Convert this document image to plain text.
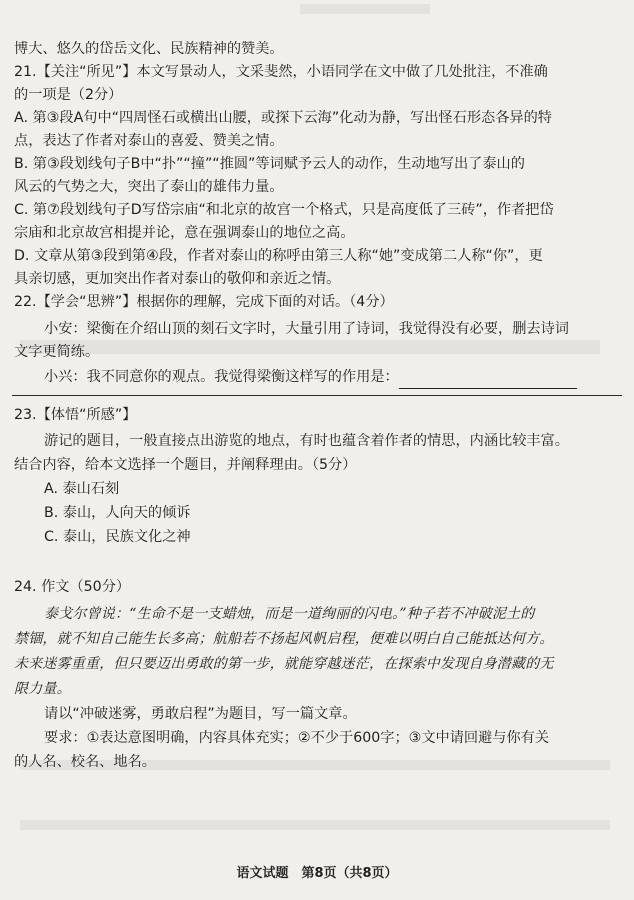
博大、悠久的岱岳文化、民族精神的赞美。
21.【关注“所见”】本文写景动人，文采斐然，小语同学在文中做了几处批注，不准确
的一项是（2分）
A. 第③段A句中“四周怪石或横出山腰，或探下云海”化动为静，写出怪石形态各异的特
点，表达了作者对泰山的喜爱、赞美之情。
B. 第③段划线句子B中“扑”“撞”“推圆”等词赋予云人的动作，生动地写出了泰山的
风云的气势之大，突出了泰山的雄伟力量。
C. 第⑦段划线句子D写岱宗庙“和北京的故宫一个格式，只是高度低了三砖”，作者把岱
宗庙和北京故宫相提并论，意在强调泰山的地位之高。
D. 文章从第③段到第④段，作者对泰山的称呼由第三人称“她”变成第二人称“你”，更
具亲切感，更加突出作者对泰山的敬仰和亲近之情。
22.【学会“思辨”】根据你的理解，完成下面的对话。（4分）
小安：梁衡在介绍山顶的刻石文字时，大量引用了诗词，我觉得没有必要，删去诗词
文字更简练。
小兴：我不同意你的观点。我觉得梁衡这样写的作用是：
23.【体悟“所感”】
游记的题目，一般直接点出游览的地点，有时也蕴含着作者的情思，内涵比较丰富。
结合内容，给本文选择一个题目，并阐释理由。（5分）
A. 泰山石刻
B. 泰山，人向天的倾诉
C. 泰山，民族文化之神
24. 作文（50分）
泰戈尔曾说：“生命不是一支蜡烛，而是一道绚丽的闪电。”种子若不冲破泥土的
禁锢，就不知自己能生长多高；航船若不扬起风帆启程，便难以明白自己能抵达何方。
未来迷雾重重，但只要迈出勇敢的第一步，就能穿越迷茫，在探索中发现自身潜藏的无
限力量。
请以“冲破迷雾，勇敢启程”为题目，写一篇文章。
要求：①表达意图明确，内容具体充实；②不少于600字；③文中请回避与你有关
的人名、校名、地名。
语文试题　第8页（共8页）
